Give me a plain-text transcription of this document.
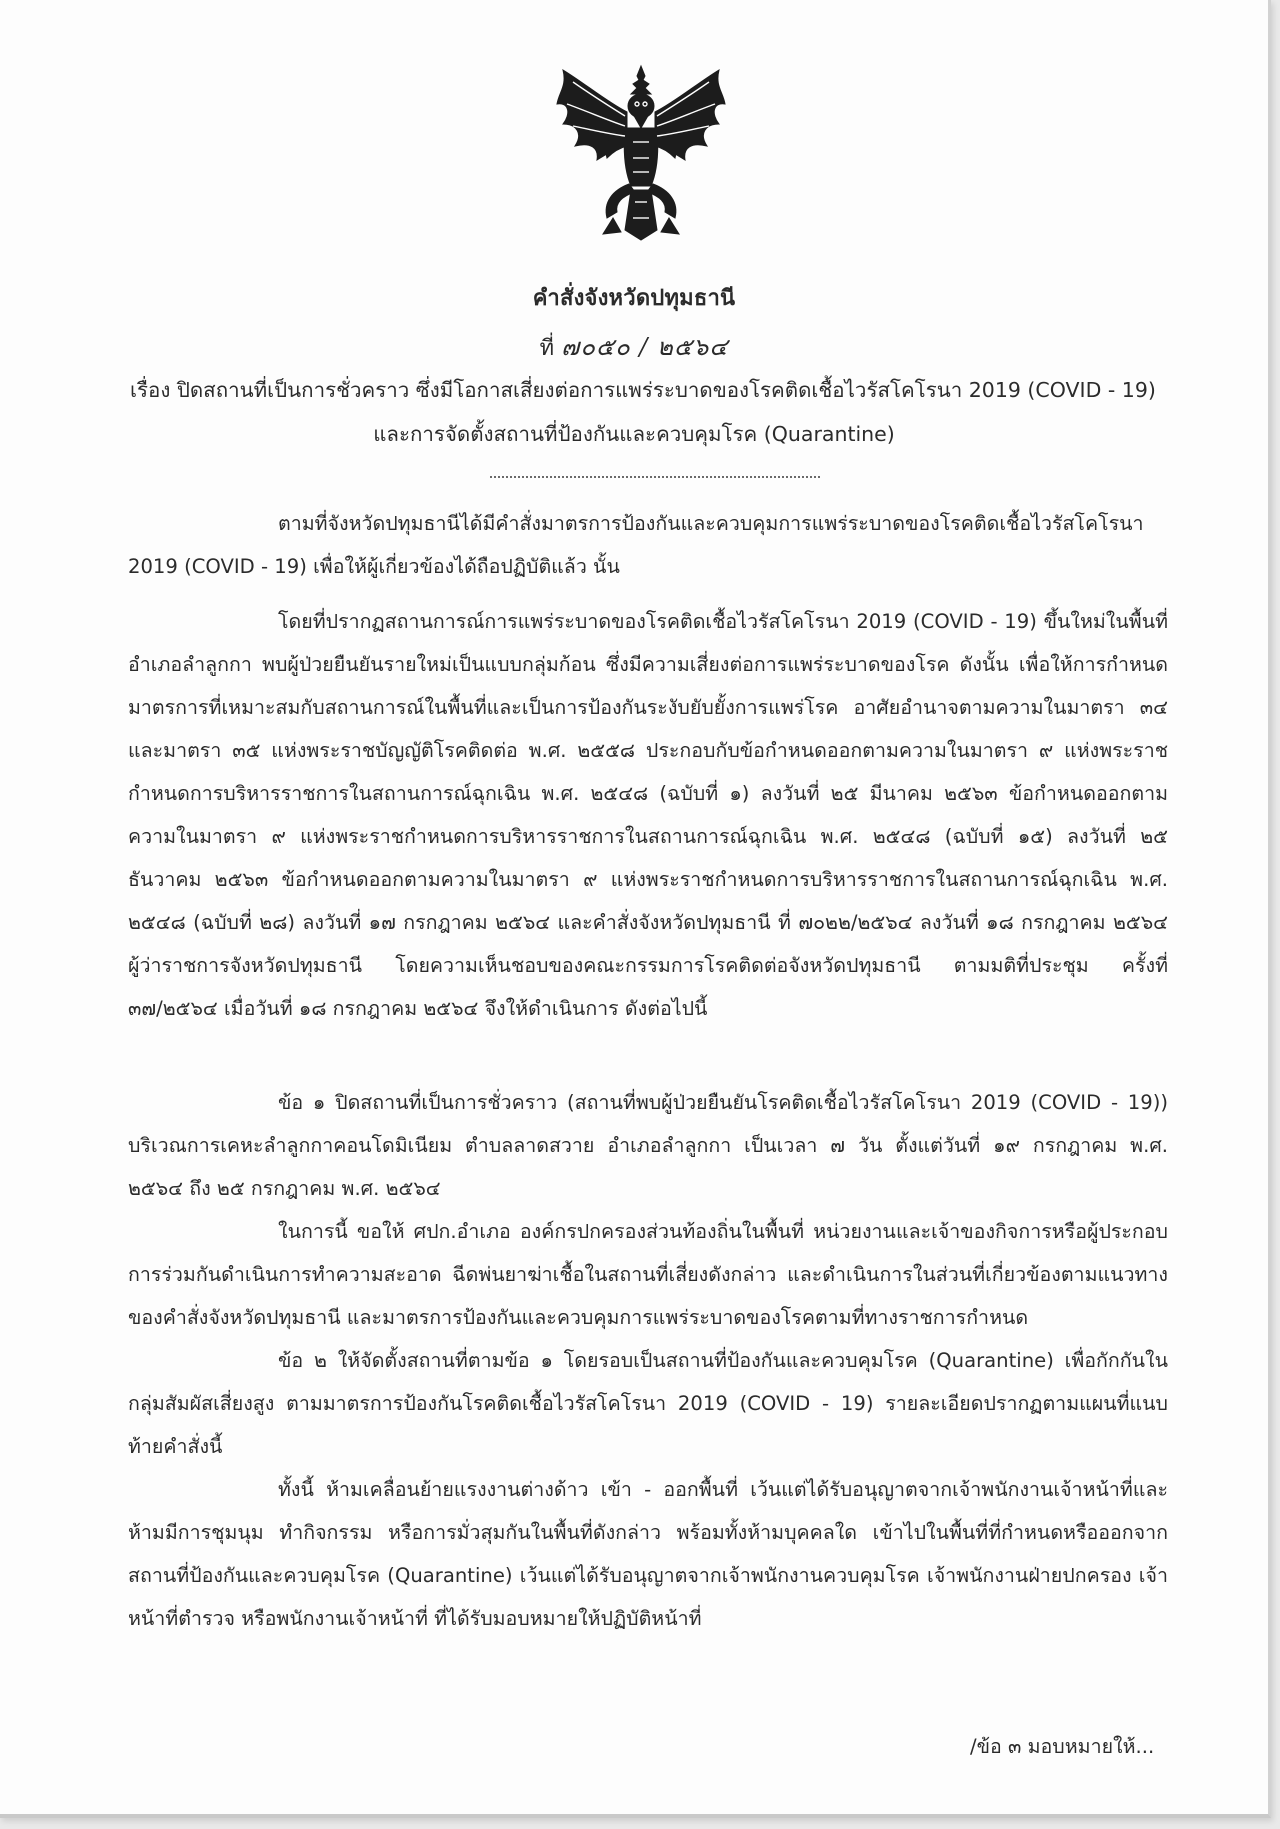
คำสั่งจังหวัดปทุมธานี
ที่ ๗๐๕๐ / ๒๕๖๔
เรื่อง ปิดสถานที่เป็นการชั่วคราว ซึ่งมีโอกาสเสี่ยงต่อการแพร่ระบาดของโรคติดเชื้อไวรัสโคโรนา 2019 (COVID - 19)
และการจัดตั้งสถานที่ป้องกันและควบคุมโรค (Quarantine)

ตามที่จังหวัดปทุมธานีได้มีคำสั่งมาตรการป้องกันและควบคุมการแพร่ระบาดของโรคติดเชื้อไวรัสโคโรนา 2019 (COVID - 19) เพื่อให้ผู้เกี่ยวข้องได้ถือปฏิบัติแล้ว นั้น

โดยที่ปรากฏสถานการณ์การแพร่ระบาดของโรคติดเชื้อไวรัสโคโรนา 2019 (COVID - 19) ขึ้นใหม่ในพื้นที่อำเภอลำลูกกา พบผู้ป่วยยืนยันรายใหม่เป็นแบบกลุ่มก้อน ซึ่งมีความเสี่ยงต่อการแพร่ระบาดของโรค ดังนั้น เพื่อให้การกำหนดมาตรการที่เหมาะสมกับสถานการณ์ในพื้นที่และเป็นการป้องกันระงับยับยั้งการแพร่โรค อาศัยอำนาจตามความในมาตรา ๓๔ และมาตรา ๓๕ แห่งพระราชบัญญัติโรคติดต่อ พ.ศ. ๒๕๕๘ ประกอบกับข้อกำหนดออกตามความในมาตรา ๙ แห่งพระราชกำหนดการบริหารราชการในสถานการณ์ฉุกเฉิน พ.ศ. ๒๕๔๘ (ฉบับที่ ๑) ลงวันที่ ๒๕ มีนาคม ๒๕๖๓ ข้อกำหนดออกตามความในมาตรา ๙ แห่งพระราชกำหนดการบริหารราชการในสถานการณ์ฉุกเฉิน พ.ศ. ๒๕๔๘ (ฉบับที่ ๑๕) ลงวันที่ ๒๕ ธันวาคม ๒๕๖๓ ข้อกำหนดออกตามความในมาตรา ๙ แห่งพระราชกำหนดการบริหารราชการในสถานการณ์ฉุกเฉิน พ.ศ. ๒๕๔๘ (ฉบับที่ ๒๘) ลงวันที่ ๑๗ กรกฎาคม ๒๕๖๔ และคำสั่งจังหวัดปทุมธานี ที่ ๗๐๒๒/๒๕๖๔ ลงวันที่ ๑๘ กรกฎาคม ๒๕๖๔ ผู้ว่าราชการจังหวัดปทุมธานี โดยความเห็นชอบของคณะกรรมการโรคติดต่อจังหวัดปทุมธานี ตามมติที่ประชุม ครั้งที่ ๓๗/๒๕๖๔ เมื่อวันที่ ๑๘ กรกฎาคม ๒๕๖๔ จึงให้ดำเนินการ ดังต่อไปนี้

ข้อ ๑ ปิดสถานที่เป็นการชั่วคราว (สถานที่พบผู้ป่วยยืนยันโรคติดเชื้อไวรัสโคโรนา 2019 (COVID - 19)) บริเวณการเคหะลำลูกกาคอนโดมิเนียม ตำบลลาดสวาย อำเภอลำลูกกา เป็นเวลา ๗ วัน ตั้งแต่วันที่ ๑๙ กรกฎาคม พ.ศ. ๒๕๖๔ ถึง ๒๕ กรกฎาคม พ.ศ. ๒๕๖๔

ในการนี้ ขอให้ ศปก.อำเภอ องค์กรปกครองส่วนท้องถิ่นในพื้นที่ หน่วยงานและเจ้าของกิจการหรือผู้ประกอบการร่วมกันดำเนินการทำความสะอาด ฉีดพ่นยาฆ่าเชื้อในสถานที่เสี่ยงดังกล่าว และดำเนินการในส่วนที่เกี่ยวข้องตามแนวทางของคำสั่งจังหวัดปทุมธานี และมาตรการป้องกันและควบคุมการแพร่ระบาดของโรคตามที่ทางราชการกำหนด

ข้อ ๒ ให้จัดตั้งสถานที่ตามข้อ ๑ โดยรอบเป็นสถานที่ป้องกันและควบคุมโรค (Quarantine) เพื่อกักกันในกลุ่มสัมผัสเสี่ยงสูง ตามมาตรการป้องกันโรคติดเชื้อไวรัสโคโรนา 2019 (COVID - 19) รายละเอียดปรากฏตามแผนที่แนบท้ายคำสั่งนี้

ทั้งนี้ ห้ามเคลื่อนย้ายแรงงานต่างด้าว เข้า - ออกพื้นที่ เว้นแต่ได้รับอนุญาตจากเจ้าพนักงานเจ้าหน้าที่และห้ามมีการชุมนุม ทำกิจกรรม หรือการมั่วสุมกันในพื้นที่ดังกล่าว พร้อมทั้งห้ามบุคคลใด เข้าไปในพื้นที่ที่กำหนดหรือออกจากสถานที่ป้องกันและควบคุมโรค (Quarantine) เว้นแต่ได้รับอนุญาตจากเจ้าพนักงานควบคุมโรค เจ้าพนักงานฝ่ายปกครอง เจ้าหน้าที่ตำรวจ หรือพนักงานเจ้าหน้าที่ ที่ได้รับมอบหมายให้ปฏิบัติหน้าที่

/ข้อ ๓ มอบหมายให้...
